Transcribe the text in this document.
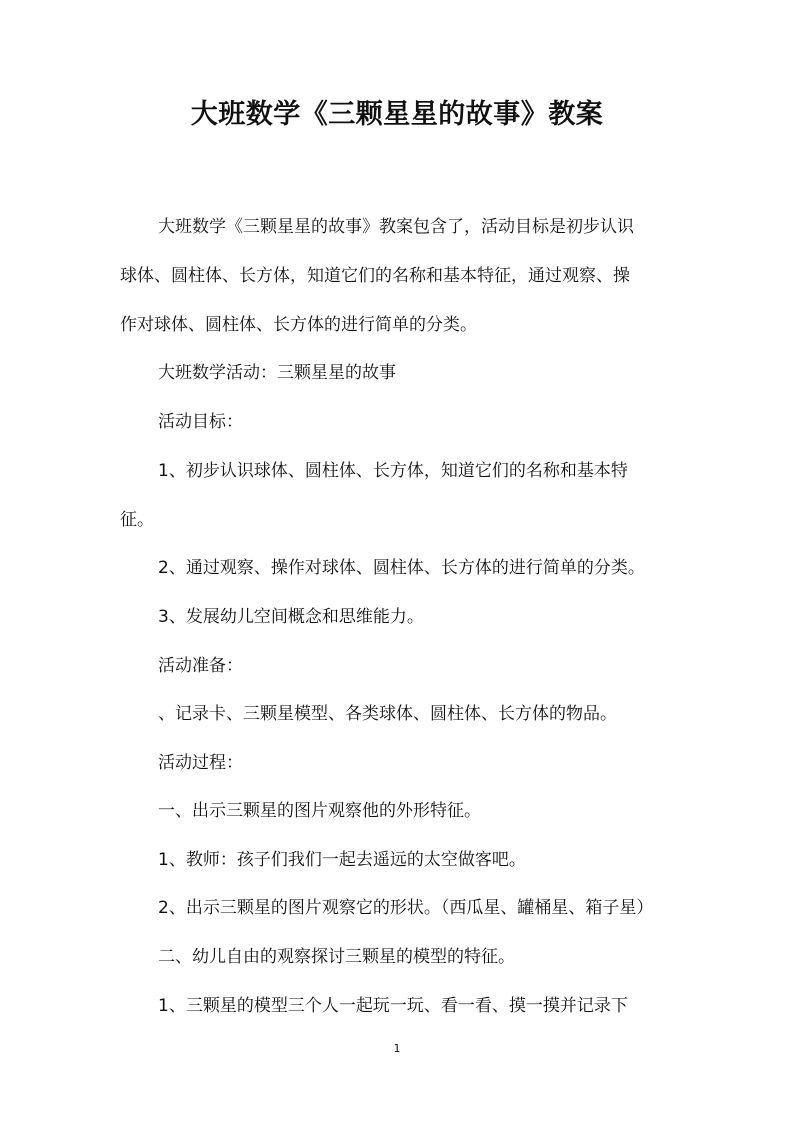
大班数学《三颗星星的故事》教案
大班数学《三颗星星的故事》教案包含了，活动目标是初步认识
球体、圆柱体、长方体，知道它们的名称和基本特征，通过观察、操
作对球体、圆柱体、长方体的进行简单的分类。
大班数学活动：三颗星星的故事
活动目标：
1、初步认识球体、圆柱体、长方体，知道它们的名称和基本特
征。
2、通过观察、操作对球体、圆柱体、长方体的进行简单的分类。
3、发展幼儿空间概念和思维能力。
活动准备：
、记录卡、三颗星模型、各类球体、圆柱体、长方体的物品。
活动过程：
一、出示三颗星的图片观察他的外形特征。
1、教师：孩子们我们一起去遥远的太空做客吧。
2、出示三颗星的图片观察它的形状。（西瓜星、罐桶星、箱子星）
二、幼儿自由的观察探讨三颗星的模型的特征。
1、三颗星的模型三个人一起玩一玩、看一看、摸一摸并记录下
1
